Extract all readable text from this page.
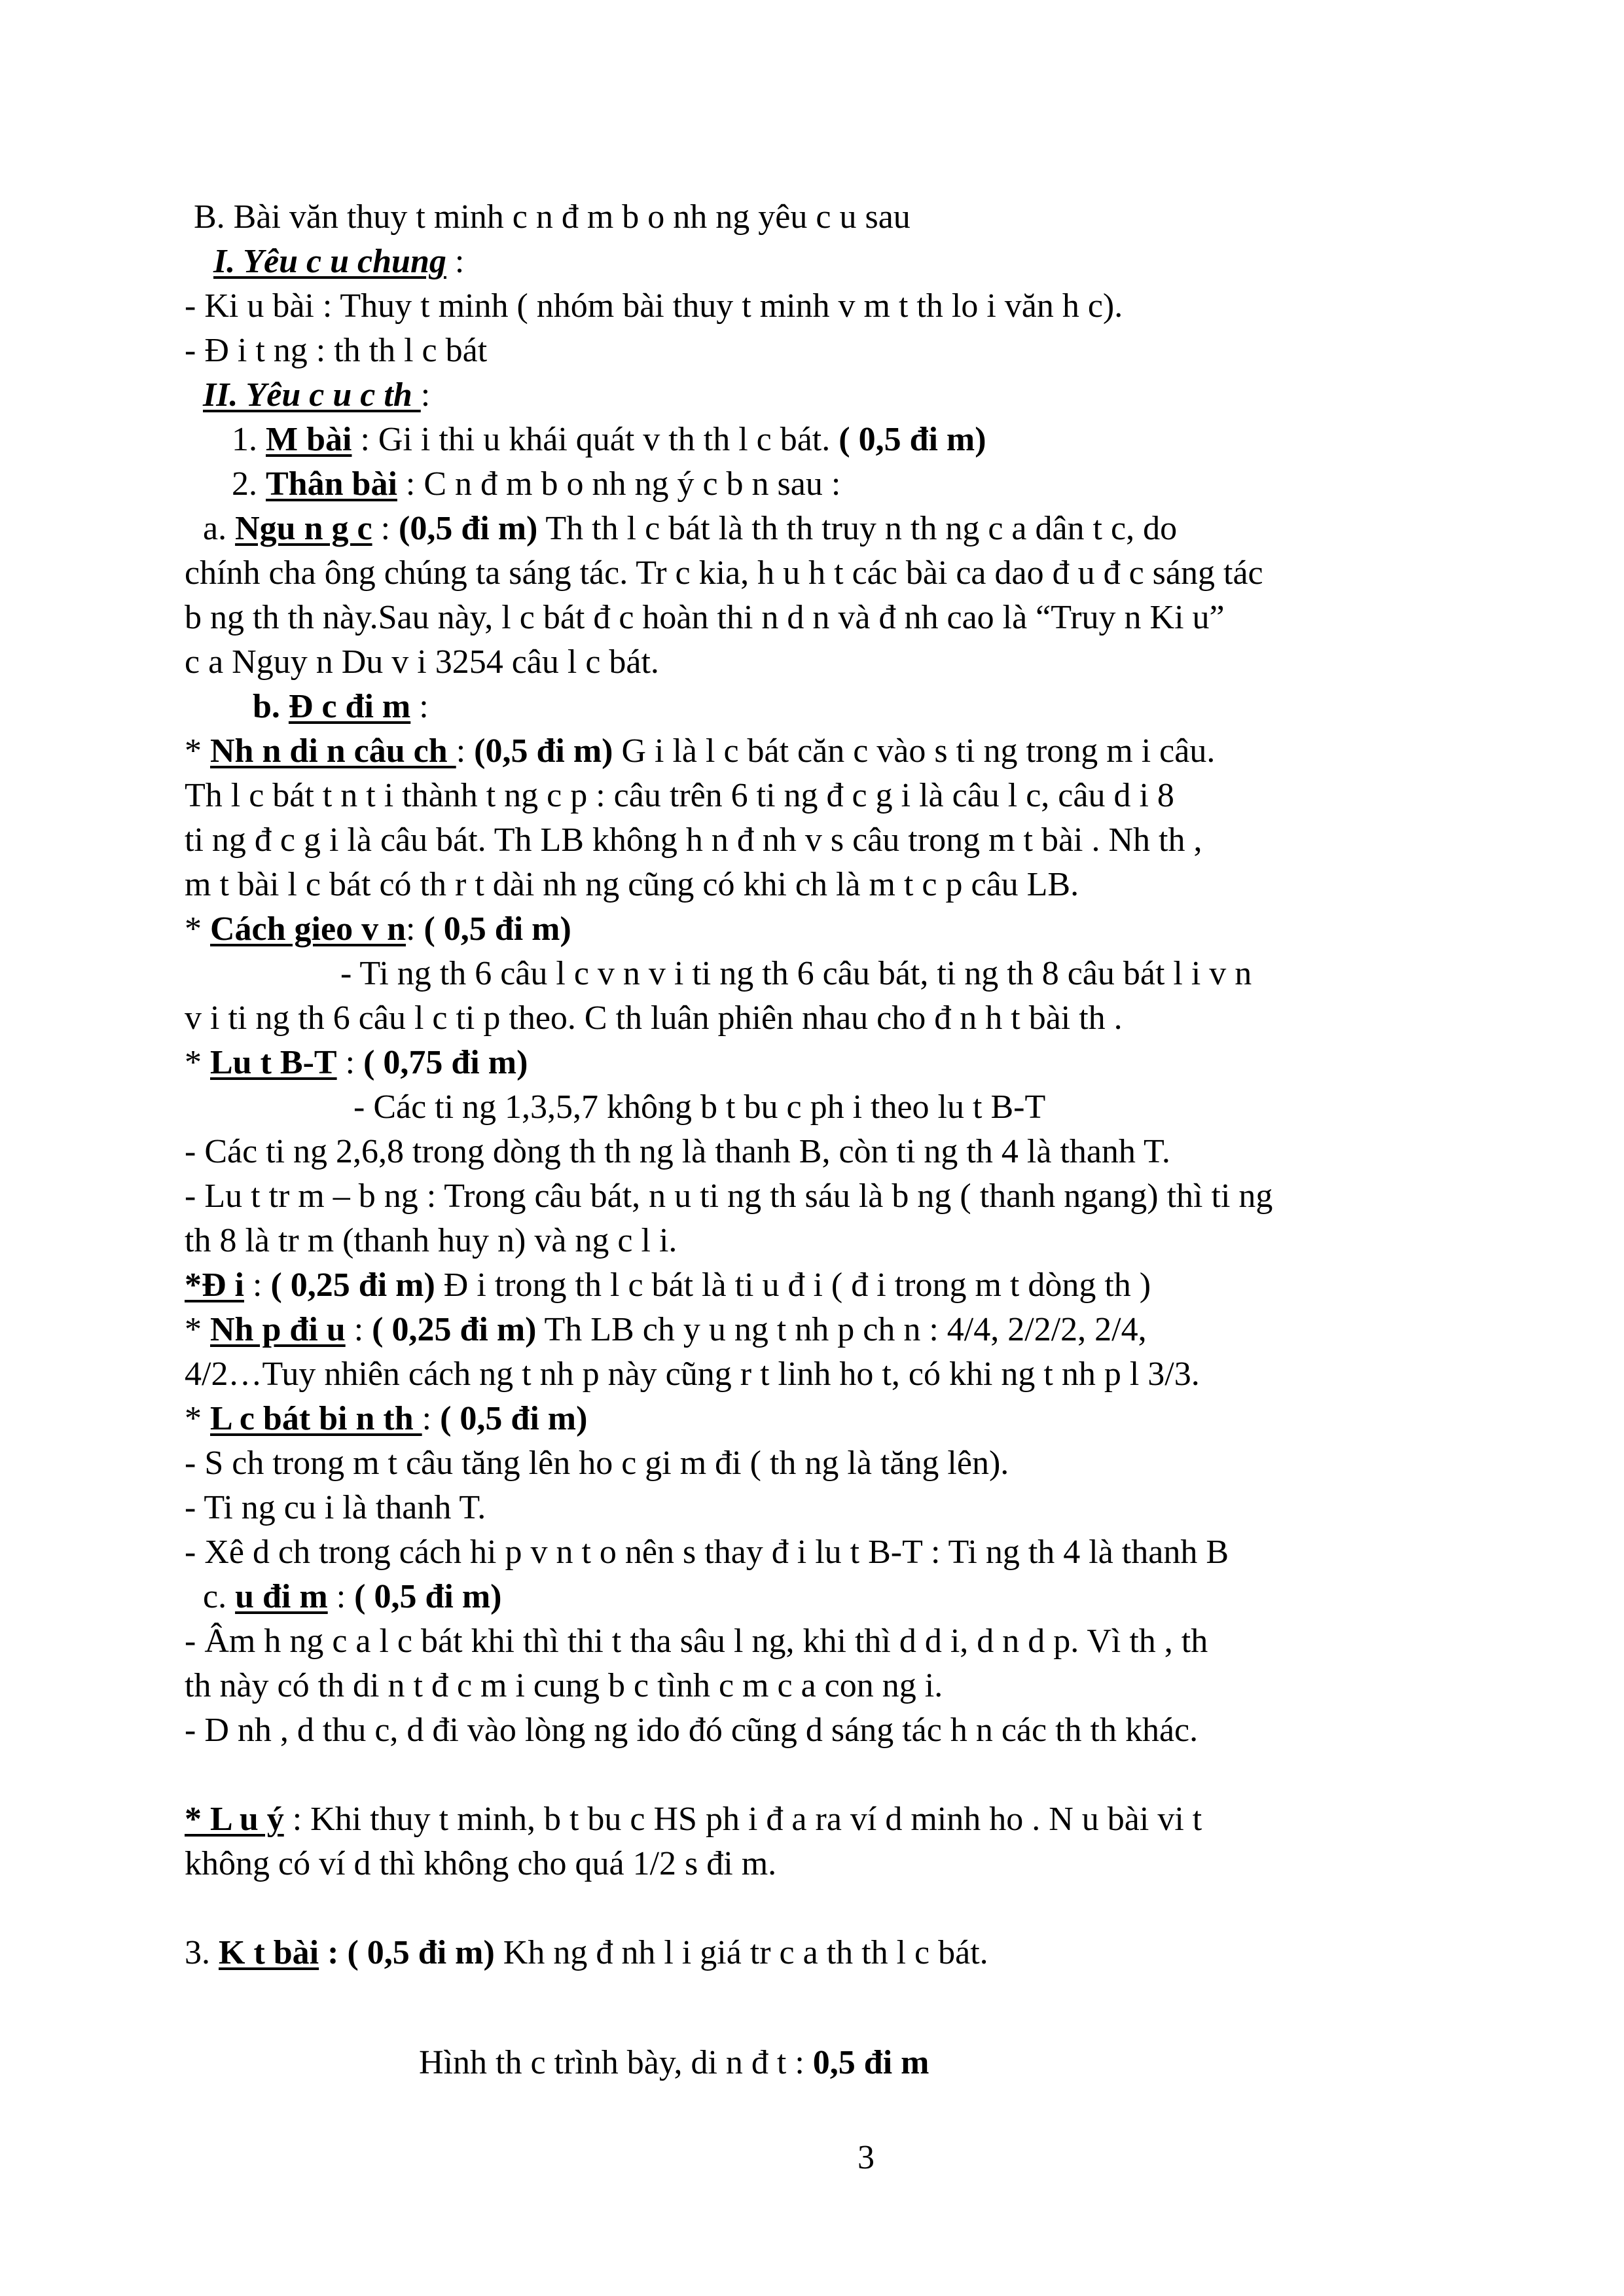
B. Bài văn thuy t minh c n đ m b o nh ng yêu c u sau
I. Yêu c u chung :
- Ki u bài : Thuy t minh ( nhóm bài thuy t minh v m t th lo i văn h c).
- Đ i t ng : th th l c bát
II. Yêu c u c th :
1. M bài : Gi i thi u khái quát v th th l c bát. ( 0,5 đi m)
2. Thân bài : C n đ m b o nh ng ý c b n sau :
a. Ngu n g c : (0,5 đi m) Th th l c bát là th th truy n th ng c a dân t c, do
chính cha ông chúng ta sáng tác. Tr c kia, h u h t các bài ca dao đ u đ c sáng tác
b ng th th này.Sau này, l c bát đ c hoàn thi n d n và đ nh cao là “Truy n Ki u”
c a Nguy n Du v i 3254 câu l c bát.
b. Đ c đi m :
* Nh n di n câu ch : (0,5 đi m) G i là l c bát căn c vào s ti ng trong m i câu.
Th l c bát t n t i thành t ng c p : câu trên 6 ti ng đ c g i là câu l c, câu d i 8
ti ng đ c g i là câu bát. Th LB không h n đ nh v s câu trong m t bài . Nh th ,
m t bài l c bát có th r t dài nh ng cũng có khi ch là m t c p câu LB.
* Cách gieo v n: ( 0,5 đi m)
- Ti ng th 6 câu l c v n v i ti ng th 6 câu bát, ti ng th 8 câu bát l i v n
v i ti ng th 6 câu l c ti p theo. C th luân phiên nhau cho đ n h t bài th .
* Lu t B-T : ( 0,75 đi m)
- Các ti ng 1,3,5,7 không b t bu c ph i theo lu t B-T
- Các ti ng 2,6,8 trong dòng th th ng là thanh B, còn ti ng th 4 là thanh T.
- Lu t tr m – b ng : Trong câu bát, n u ti ng th sáu là b ng ( thanh ngang) thì ti ng
th 8 là tr m (thanh huy n) và ng c l i.
*Đ i : ( 0,25 đi m) Đ i trong th l c bát là ti u đ i ( đ i trong m t dòng th )
* Nh p đi u : ( 0,25 đi m) Th LB ch y u ng t nh p ch n : 4/4, 2/2/2, 2/4,
4/2…Tuy nhiên cách ng t nh p này cũng r t linh ho t, có khi ng t nh p l 3/3.
* L c bát bi n th : ( 0,5 đi m)
- S ch trong m t câu tăng lên ho c gi m đi ( th ng là tăng lên).
- Ti ng cu i là thanh T.
- Xê d ch trong cách hi p v n t o nên s thay đ i lu t B-T : Ti ng th 4 là thanh B
c. u đi m : ( 0,5 đi m)
- Âm h ng c a l c bát khi thì thi t tha sâu l ng, khi thì d d i, d n d p. Vì th , th
th này có th di n t đ c m i cung b c tình c m c a con ng i.
- D nh , d thu c, d đi vào lòng ng ido đó cũng d sáng tác h n các th th khác.
* L u ý : Khi thuy t minh, b t bu c HS ph i đ a ra ví d minh ho . N u bài vi t
không có ví d thì không cho quá 1/2 s đi m.
3. K t bài : ( 0,5 đi m) Kh ng đ nh l i giá tr c a th th l c bát.
Hình th c trình bày, di n đ t : 0,5 đi m
3
